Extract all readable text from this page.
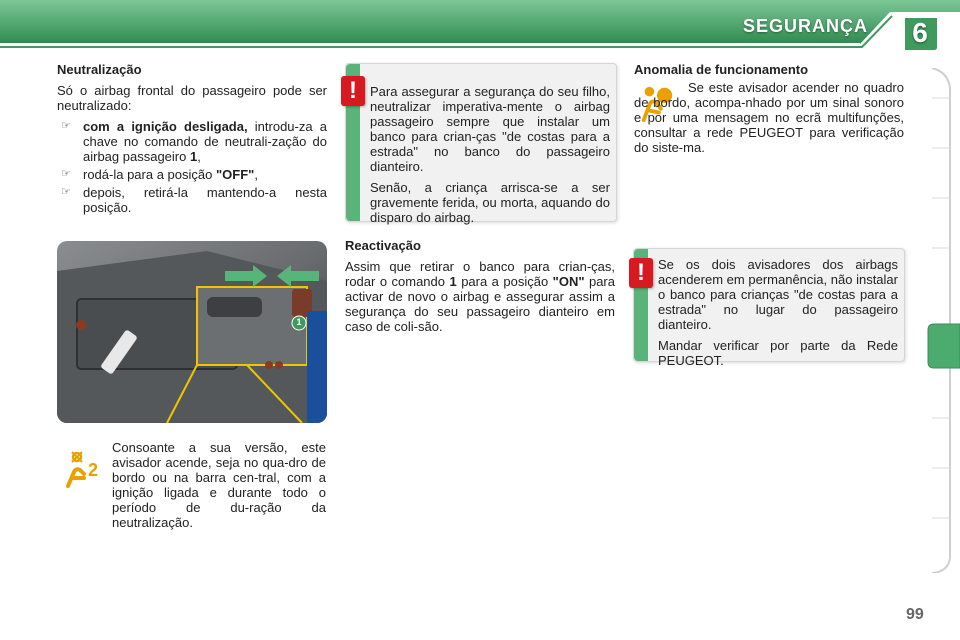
SEGURANÇA	6
Neutralização

Só o airbag frontal do passageiro pode ser neutralizado:

☞ com a ignição desligada, introdu-za a chave no comando de neutrali-zação do airbag passageiro 1,
☞ rodá-la para a posição "OFF",
☞ depois, retirá-la mantendo-a nesta posição.
1
2
Consoante a sua versão, este avisador acende, seja no qua-dro de bordo ou na barra cen-tral, com a ignição ligada e durante todo o período de du-ração da neutralização.

Para assegurar a segurança do seu filho, neutralizar imperativa-mente o airbag passageiro sempre que instalar um banco para crian-ças "de costas para a estrada" no banco do passageiro dianteiro.

Senão, a criança arrisca-se a ser gravemente ferida, ou morta, aquando do disparo do airbag.

!
Reactivação

Assim que retirar o banco para crian-ças, rodar o comando 1 para a posição "ON" para activar de novo o airbag e assegurar assim a segurança do seu passageiro dianteiro em caso de coli-são.

Anomalia de funcionamento
Se este avisador acender no quadro de bordo, acompa-nhado por um sinal sonoro e por uma mensagem no ecrã multifunções, consultar a rede PEUGEOT para verificação do siste-ma.

Se os dois avisadores dos airbags acenderem em permanência, não instalar o banco para crianças "de costas para a estrada" no lugar do passageiro dianteiro.

Mandar verificar por parte da Rede PEUGEOT.

!
99
